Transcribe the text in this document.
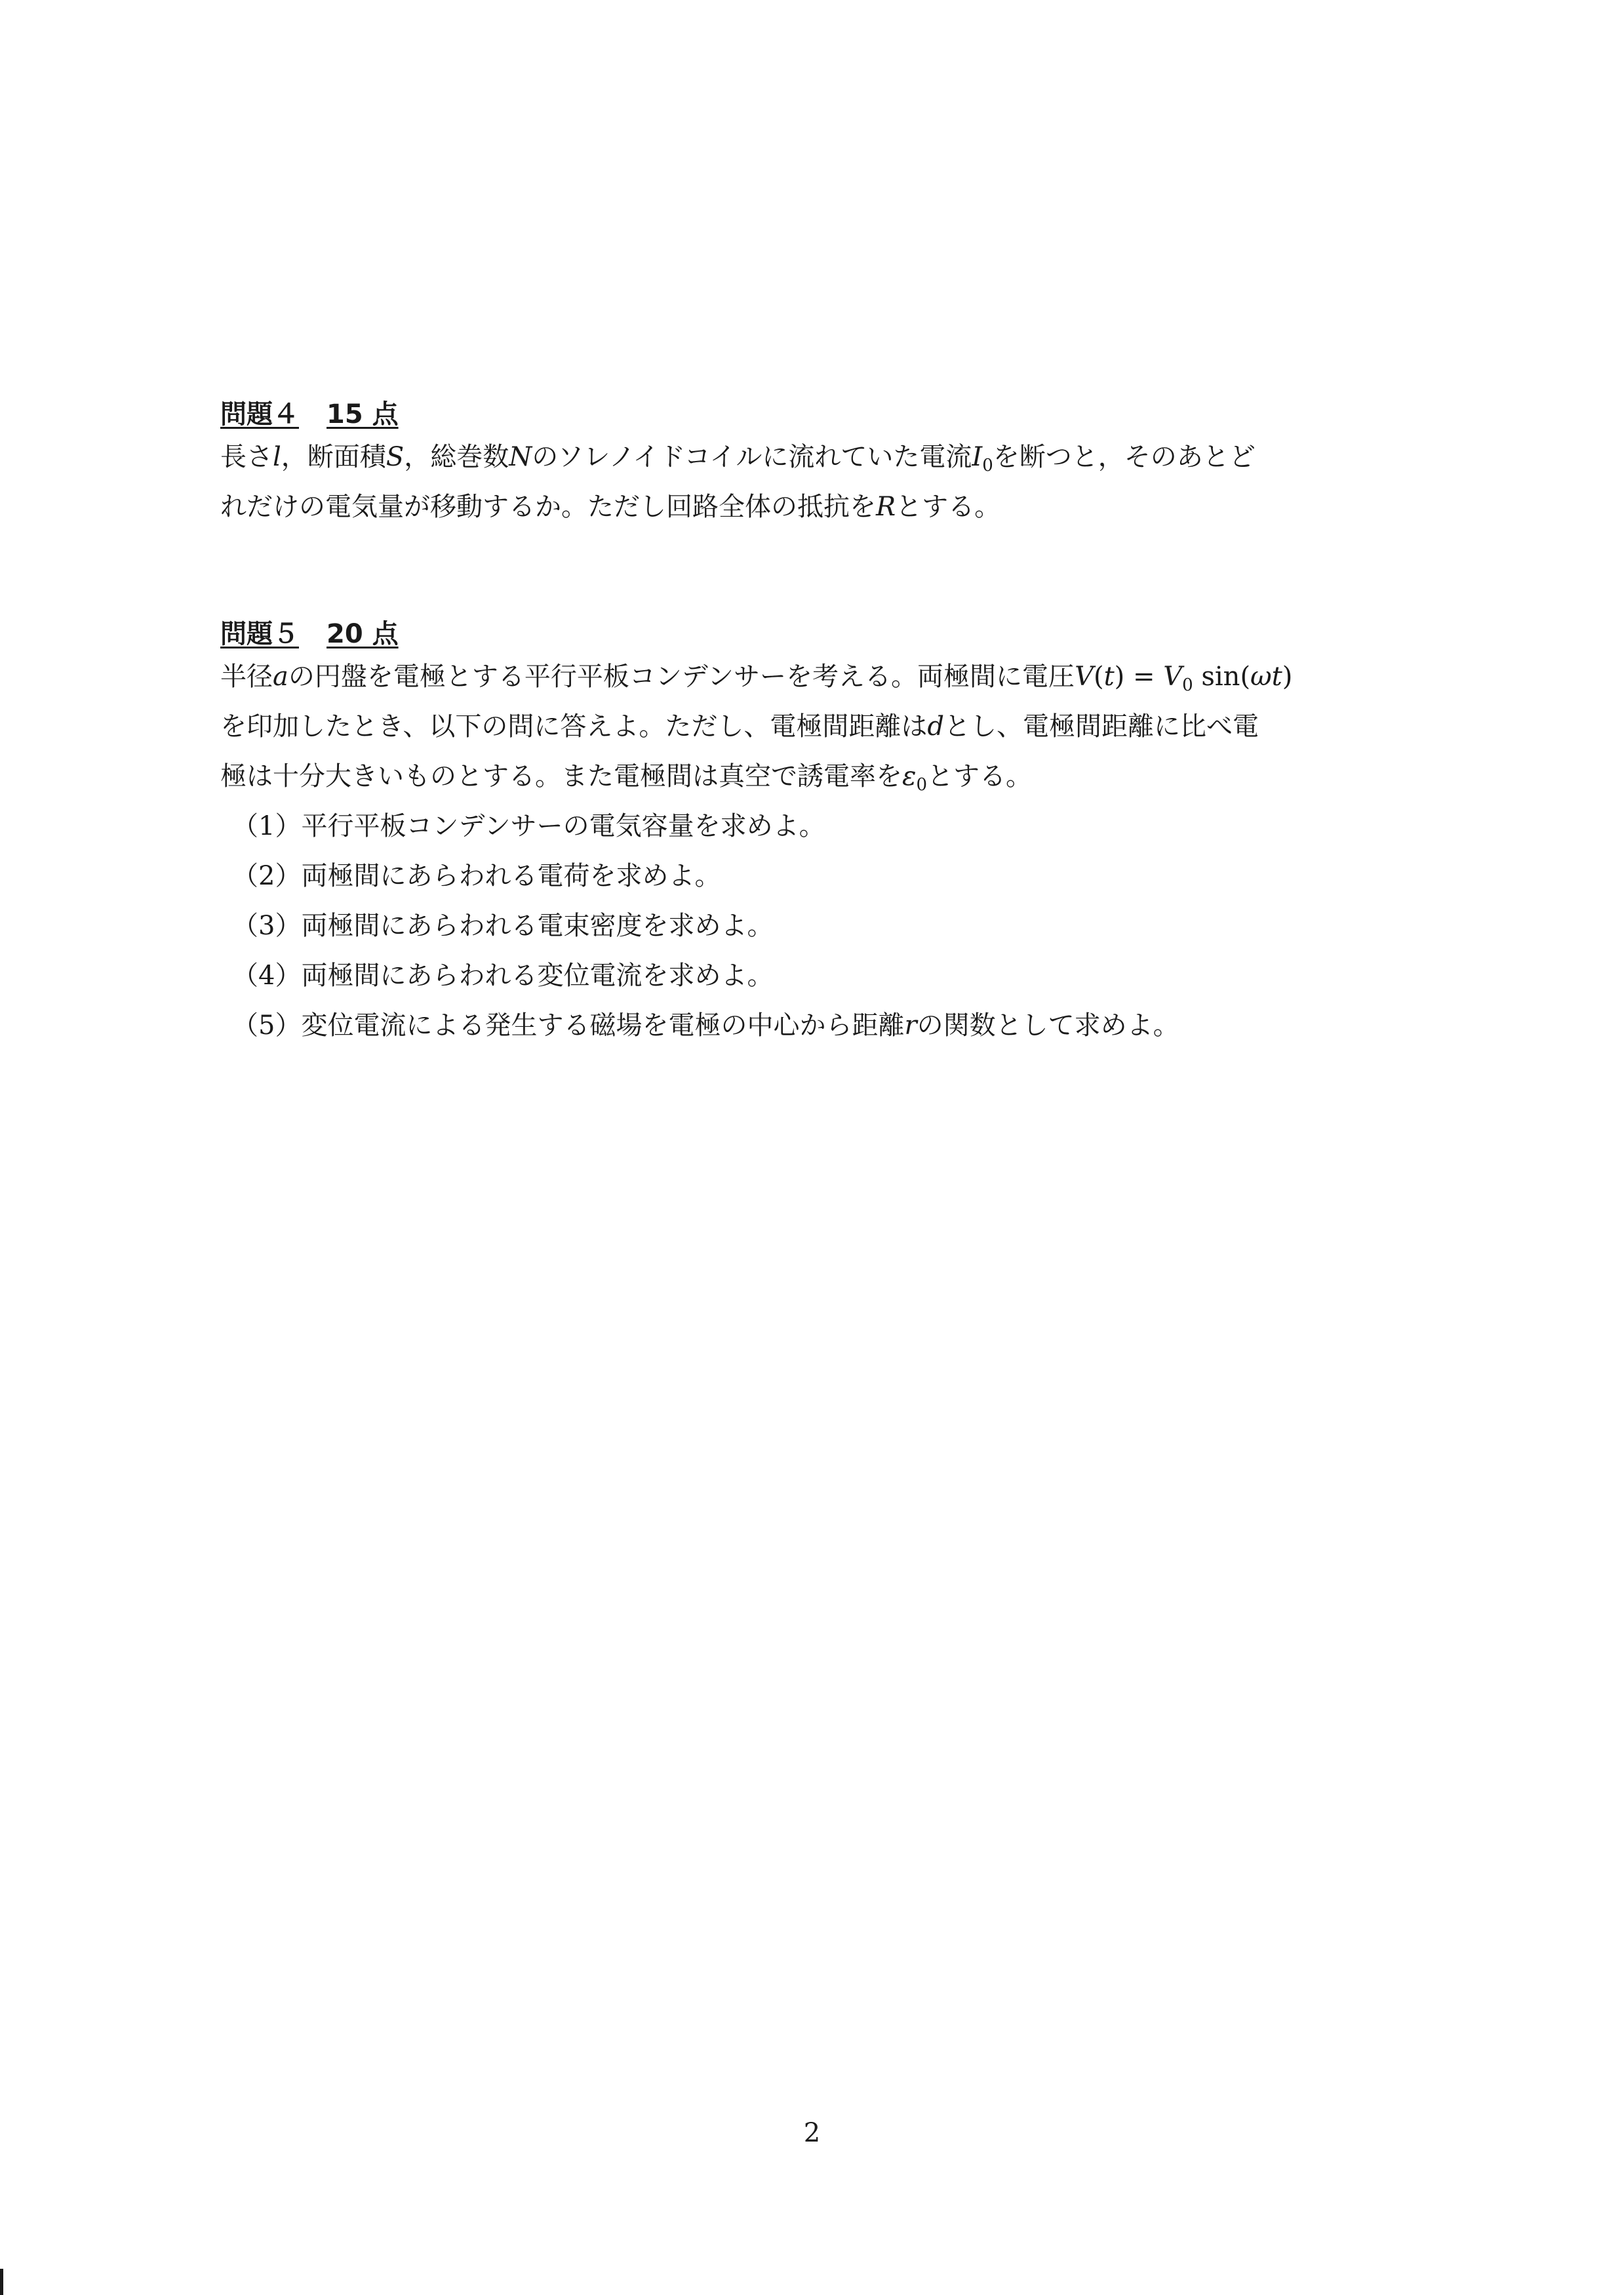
問題４ 15 点
長さl，断面積S，総巻数Nのソレノイドコイルに流れていた電流$I_0$を断つと，そのあとど
れだけの電気量が移動するか。ただし回路全体の抵抗をRとする。
問題５ 20 点
半径aの円盤を電極とする平行平板コンデンサーを考える。両極間に電圧$V(t) = V_0$ sin(ωt)
を印加したとき、以下の問に答えよ。ただし、電極間距離はdとし、電極間距離に比べ電
極は十分大きいものとする。また電極間は真空で誘電率を$\varepsilon_0$とする。
（1）平行平板コンデンサーの電気容量を求めよ。
（2）両極間にあらわれる電荷を求めよ。
（3）両極間にあらわれる電束密度を求めよ。
（4）両極間にあらわれる変位電流を求めよ。
（5）変位電流による発生する磁場を電極の中心から距離rの関数として求めよ。
2
